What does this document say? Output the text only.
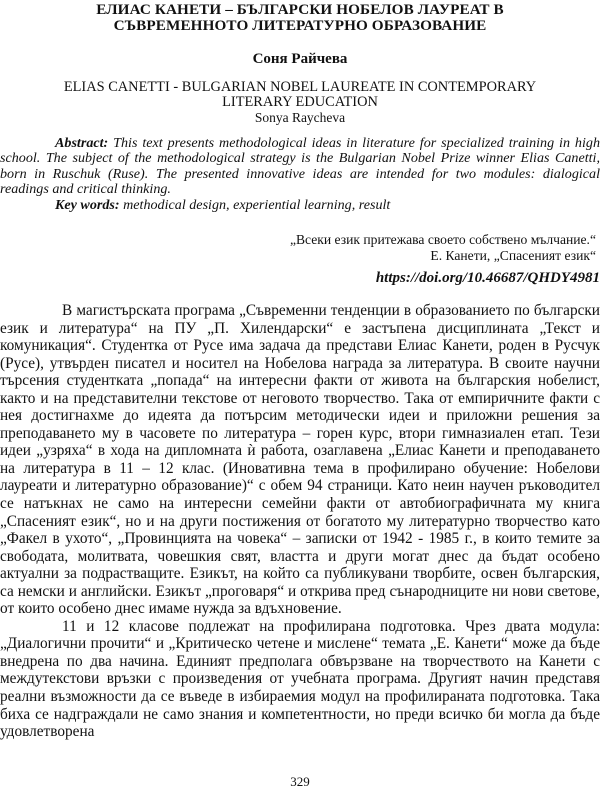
ЕЛИАС КАНЕТИ – БЪЛГАРСКИ НОБЕЛОВ ЛАУРЕАТ В
СЪВРЕМЕННОТО ЛИТЕРАТУРНО ОБРАЗОВАНИЕ
Соня Райчева
ELIAS CANETTI - BULGARIAN NOBEL LAUREATE IN CONTEMPORARY
LITERARY EDUCATION
Sonya Raycheva

Abstract: This text presents methodological ideas in literature for specialized training in high school. The subject of the methodological strategy is the Bulgarian Nobel Prize winner Elias Canetti, born in Ruschuk (Ruse). The presented innovative ideas are intended for two modules: dialogical readings and critical thinking.

Key words: methodical design, experiential learning, result

„Всеки език притежава своето собствено мълчание.“
Е. Канети, „Спасеният език“
https://doi.org/10.46687/QHDY4981

В магистърската програма „Съвременни тенденции в образованието по български език и литература“ на ПУ „П. Хилендарски“ е застъпена дисциплината „Текст и комуникация“. Студентка от Русе има задача да представи Елиас Канети, роден в Русчук (Русе), утвърден писател и носител на Нобелова награда за литература. В своите научни търсения студентката „попада“ на интересни факти от живота на българския нобелист, както и на представителни текстове от неговото творчество. Така от емпиричните факти с нея достигнахме до идеята да потърсим методически идеи и приложни решения за преподаването му в часовете по литература – горен курс, втори гимназиален етап. Тези идеи „узряха“ в хода на дипломната ѝ работа, озаглавена „Елиас Канети и преподаването на литература в 11 – 12 клас. (Иновативна тема в профилирано обучение: Нобелови лауреати и литературно образование)“ с обем 94 страници. Като неин научен ръководител се натъкнах не само на интересни семейни факти от автобиографичната му книга „Спасеният език“, но и на други постижения от богатото му литературно творчество като „Факел в ухото“, „Провинцията на човека“ – записки от 1942 - 1985 г., в които темите за свободата, молитвата, човешкия свят, властта и други могат днес да бъдат особено актуални за подрастващите. Езикът, на който са публикувани творбите, освен българския, са немски и английски. Езикът „проговаря“ и открива пред сънародниците ни нови светове, от които особено днес имаме нужда за вдъхновение.

11 и 12 класове подлежат на профилирана подготовка. Чрез двата модула: „Диалогични прочити“ и „Критическо четене и мислене“ темата „Е. Канети“ може да бъде внедрена по два начина. Единият предполага обвързване на творчеството на Канети с междутекстови връзки с произведения от учебната програма. Другият начин представя реални възможности да се въведе в избираемия модул на профилираната подготовка. Така биха се надграждали не само знания и компетентности, но преди всичко би могла да бъде удовлетворена

329
